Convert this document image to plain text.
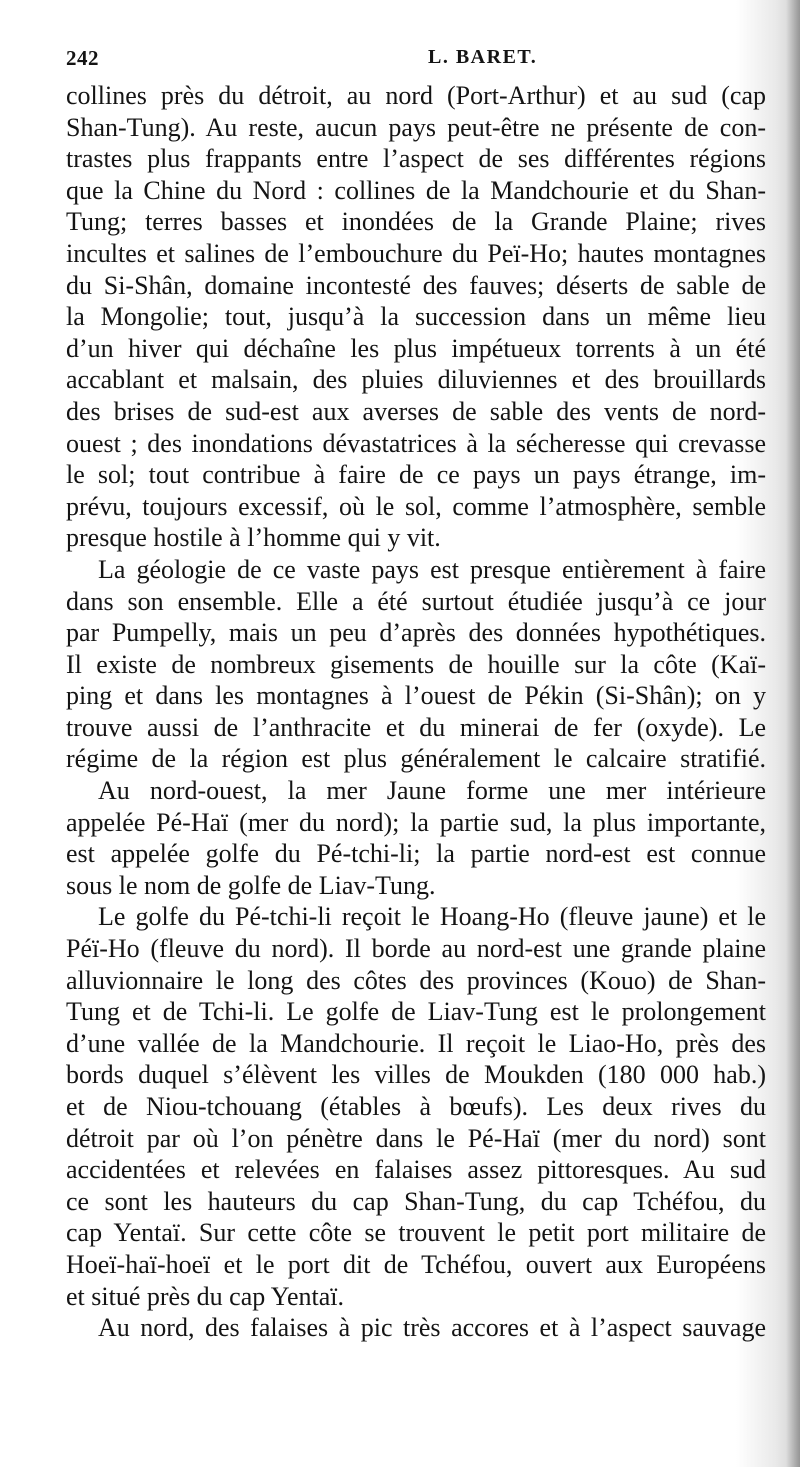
242	L. BARET.
collines près du détroit, au nord (Port-Arthur) et au sud (cap
Shan-Tung). Au reste, aucun pays peut-être ne présente de con-
trastes plus frappants entre l’aspect de ses différentes régions
que la Chine du Nord : collines de la Mandchourie et du Shan-
Tung; terres basses et inondées de la Grande Plaine; rives
incultes et salines de l’embouchure du Peï-Ho; hautes montagnes
du Si-Shân, domaine incontesté des fauves; déserts de sable de
la Mongolie; tout, jusqu’à la succession dans un même lieu
d’un hiver qui déchaîne les plus impétueux torrents à un été
accablant et malsain, des pluies diluviennes et des brouillards
des brises de sud-est aux averses de sable des vents de nord-
ouest ; des inondations dévastatrices à la sécheresse qui crevasse
le sol; tout contribue à faire de ce pays un pays étrange, im-
prévu, toujours excessif, où le sol, comme l’atmosphère, semble
presque hostile à l’homme qui y vit.
La géologie de ce vaste pays est presque entièrement à faire
dans son ensemble. Elle a été surtout étudiée jusqu’à ce jour
par Pumpelly, mais un peu d’après des données hypothétiques.
Il existe de nombreux gisements de houille sur la côte (Kaï-
ping et dans les montagnes à l’ouest de Pékin (Si-Shân); on y
trouve aussi de l’anthracite et du minerai de fer (oxyde). Le
régime de la région est plus généralement le calcaire stratifié.
Au nord-ouest, la mer Jaune forme une mer intérieure
appelée Pé-Haï (mer du nord); la partie sud, la plus importante,
est appelée golfe du Pé-tchi-li; la partie nord-est est connue
sous le nom de golfe de Liav-Tung.
Le golfe du Pé-tchi-li reçoit le Hoang-Ho (fleuve jaune) et le
Péï-Ho (fleuve du nord). Il borde au nord-est une grande plaine
alluvionnaire le long des côtes des provinces (Kouo) de Shan-
Tung et de Tchi-li. Le golfe de Liav-Tung est le prolongement
d’une vallée de la Mandchourie. Il reçoit le Liao-Ho, près des
bords duquel s’élèvent les villes de Moukden (180 000 hab.)
et de Niou-tchouang (étables à bœufs). Les deux rives du
détroit par où l’on pénètre dans le Pé-Haï (mer du nord) sont
accidentées et relevées en falaises assez pittoresques. Au sud
ce sont les hauteurs du cap Shan-Tung, du cap Tchéfou, du
cap Yentaï. Sur cette côte se trouvent le petit port militaire de
Hoeï-haï-hoeï et le port dit de Tchéfou, ouvert aux Européens
et situé près du cap Yentaï.
Au nord, des falaises à pic très accores et à l’aspect sauvage
